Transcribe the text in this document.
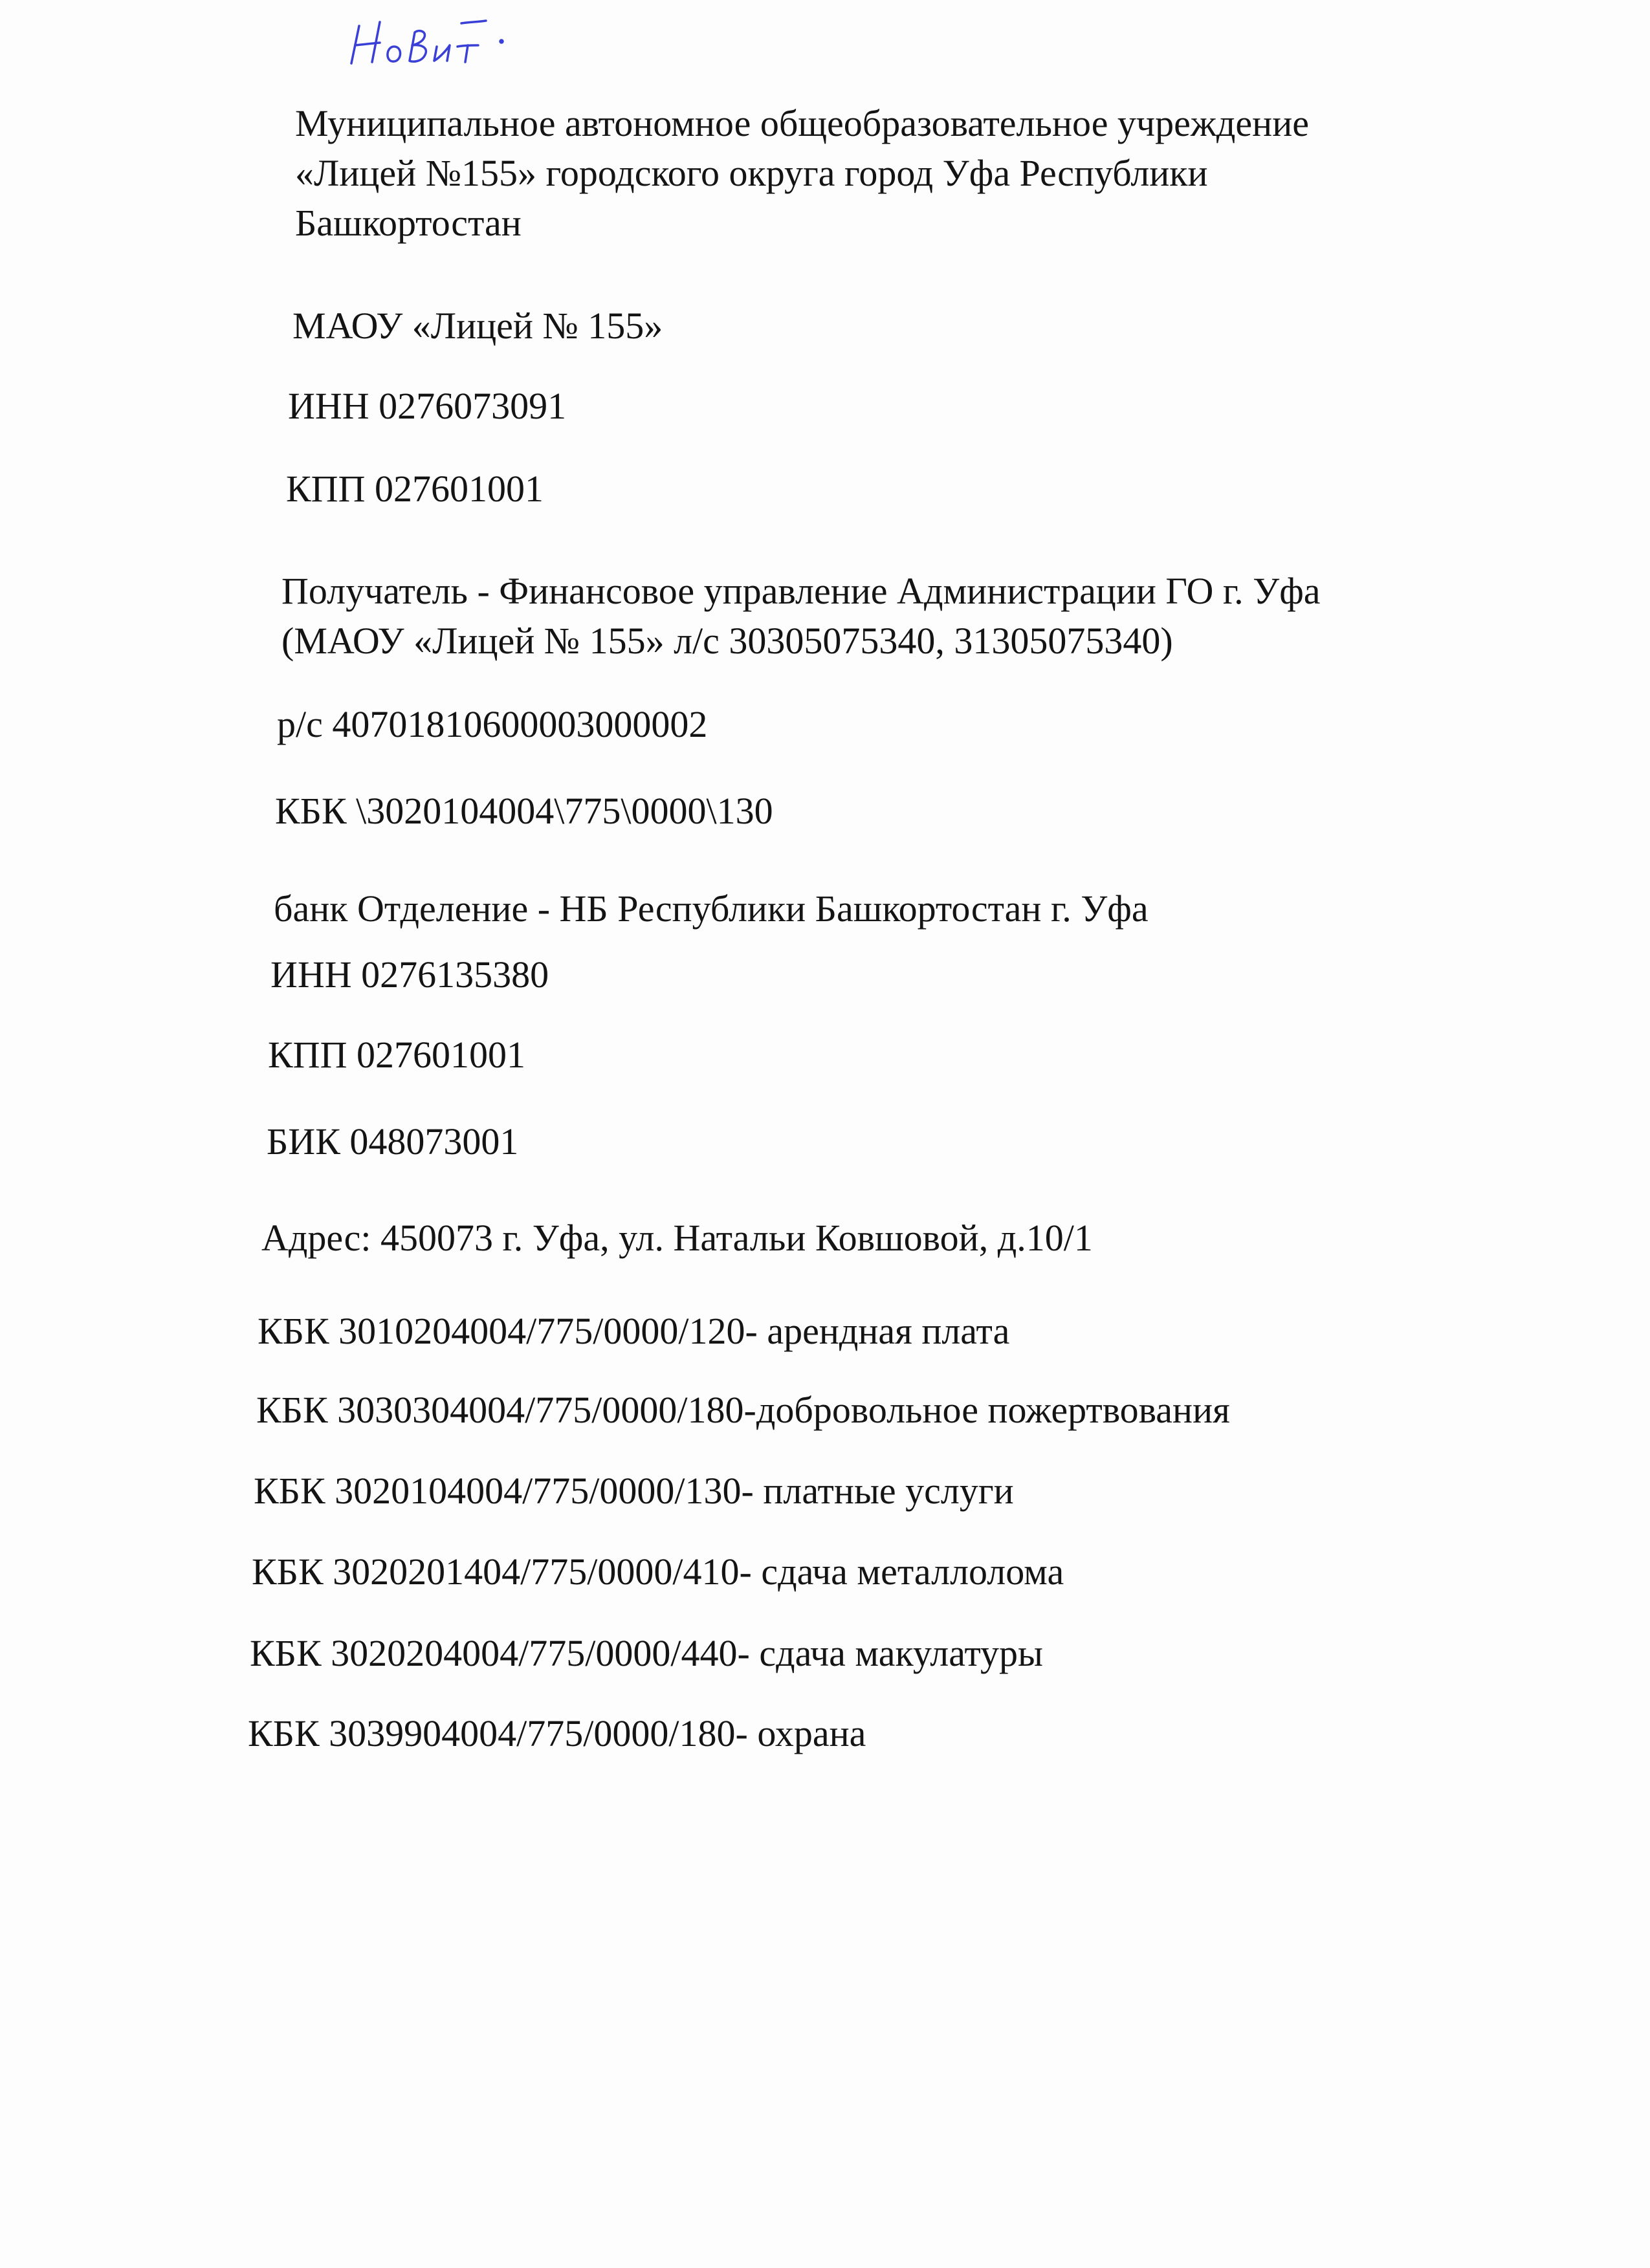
Муниципальное автономное общеобразовательное учреждение
«Лицей №155» городского округа город Уфа Республики
Башкортостан

МАОУ «Лицей № 155»

ИНН 0276073091

КПП 027601001

Получатель - Финансовое управление Администрации ГО г. Уфа
(МАОУ «Лицей № 155» л/с 30305075340, 31305075340)

р/с 40701810600003000002

КБК \3020104004\775\0000\130

банк Отделение - НБ Республики Башкортостан г. Уфа

ИНН 0276135380

КПП 027601001

БИК 048073001

Адрес: 450073 г. Уфа, ул. Натальи Ковшовой, д.10/1

КБК 3010204004/775/0000/120- арендная плата

КБК 3030304004/775/0000/180-добровольное пожертвования

КБК 3020104004/775/0000/130- платные услуги

КБК 3020201404/775/0000/410- сдача металлолома

КБК 3020204004/775/0000/440- сдача макулатуры

КБК 3039904004/775/0000/180- охрана
